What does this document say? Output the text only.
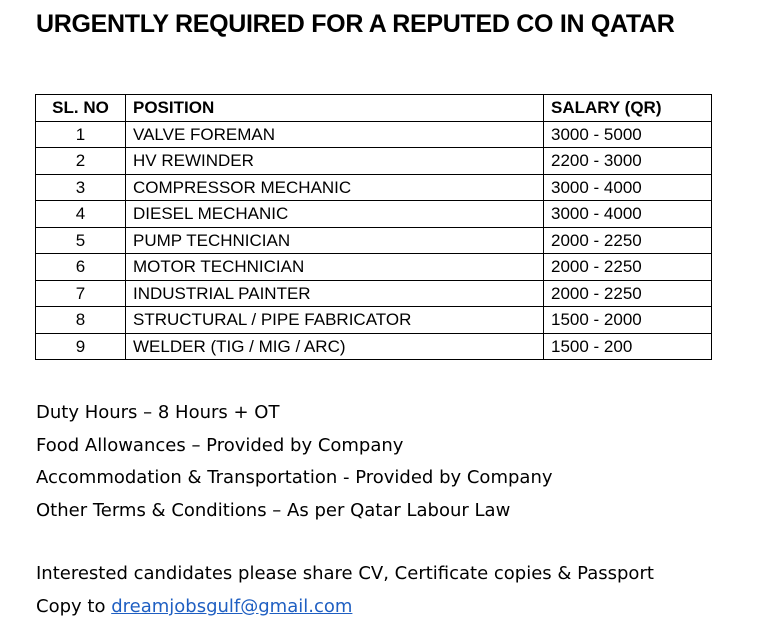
URGENTLY REQUIRED FOR A REPUTED CO IN QATAR
SL. NO	POSITION	SALARY (QR)
1	VALVE FOREMAN	3000 - 5000
2	HV REWINDER	2200 - 3000
3	COMPRESSOR MECHANIC	3000 - 4000
4	DIESEL MECHANIC	3000 - 4000
5	PUMP TECHNICIAN	2000 - 2250
6	MOTOR TECHNICIAN	2000 - 2250
7	INDUSTRIAL PAINTER	2000 - 2250
8	STRUCTURAL / PIPE FABRICATOR	1500 - 2000
9	WELDER (TIG / MIG / ARC)	1500 - 200
Duty Hours – 8 Hours + OT
Food Allowances – Provided by Company
Accommodation & Transportation - Provided by Company
Other Terms & Conditions – As per Qatar Labour Law
Interested candidates please share CV, Certificate copies & Passport
Copy to dreamjobsgulf@gmail.com
